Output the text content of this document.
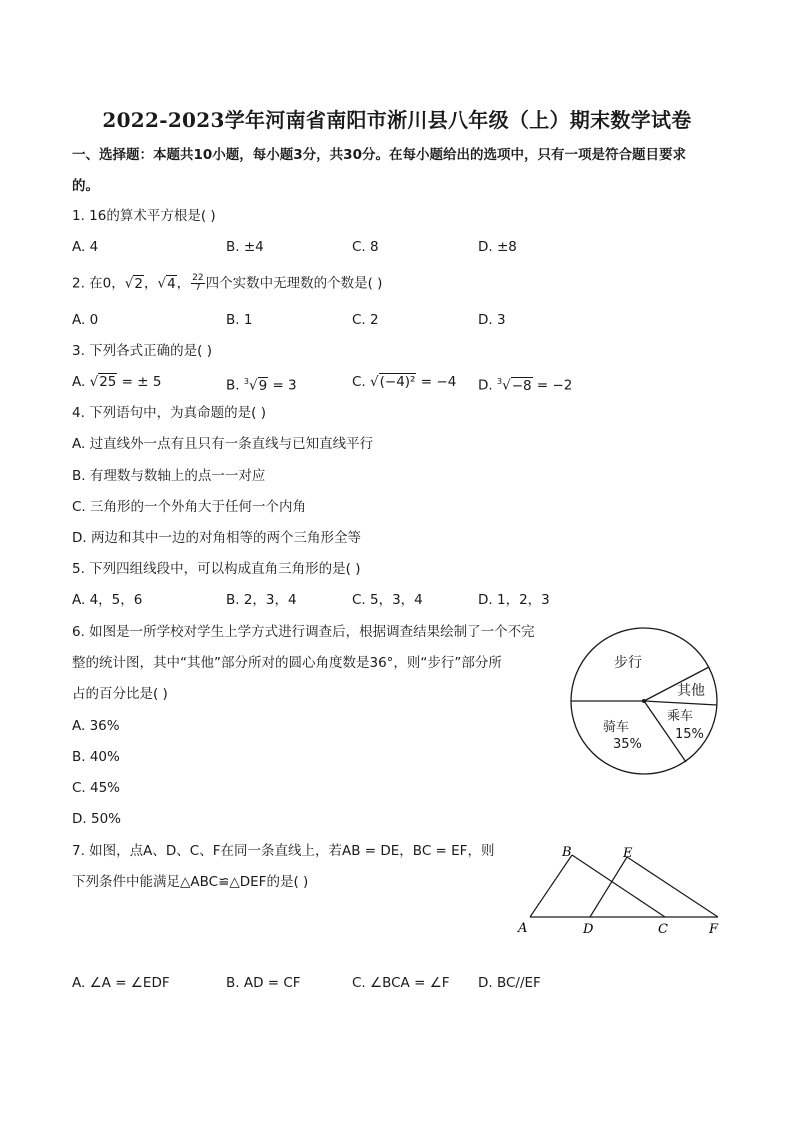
2022-2023学年河南省南阳市淅川县八年级（上）期末数学试卷
一、选择题：本题共10小题，每小题3分，共30分。在每小题给出的选项中，只有一项是符合题目要求
的。
1. 16的算术平方根是( )
A. 4	B. ±4	C. 8	D. ±8
2. 在0，√2，√4， $\frac{22}{7}$ 四个实数中无理数的个数是( )
A. 0	B. 1	C. 2	D. 3
3. 下列各式正确的是( )
A. √25 = ± 5	B. $^3$√9 = 3	C. √(−4)² = −4 D. $^3$√−8 = −2
4. 下列语句中，为真命题的是( )
A. 过直线外一点有且只有一条直线与已知直线平行
B. 有理数与数轴上的点一一对应
C. 三角形的一个外角大于任何一个内角
D. 两边和其中一边的对角相等的两个三角形全等
5. 下列四组线段中，可以构成直角三角形的是( )
A. 4，5，6	B. 2，3，4	C. 5，3，4	D. 1，2，3
6. 如图是一所学校对学生上学方式进行调查后，根据调查结果绘制了一个不完
整的统计图，其中“其他”部分所对的圆心角度数是36°，则“步行”部分所
占的百分比是( )
A. 36%
B. 40%
C. 45%
D. 50%
步行
其他
乘车
15%
骑车
35%
7. 如图，点A、D、C、F在同一条直线上，若AB = DE，BC = EF，则
下列条件中能满足△ABC≌△DEF的是( )
B	E
A	D	C	F
A. ∠A = ∠EDF	B. AD = CF	C. ∠BCA = ∠F D. BC//EF
